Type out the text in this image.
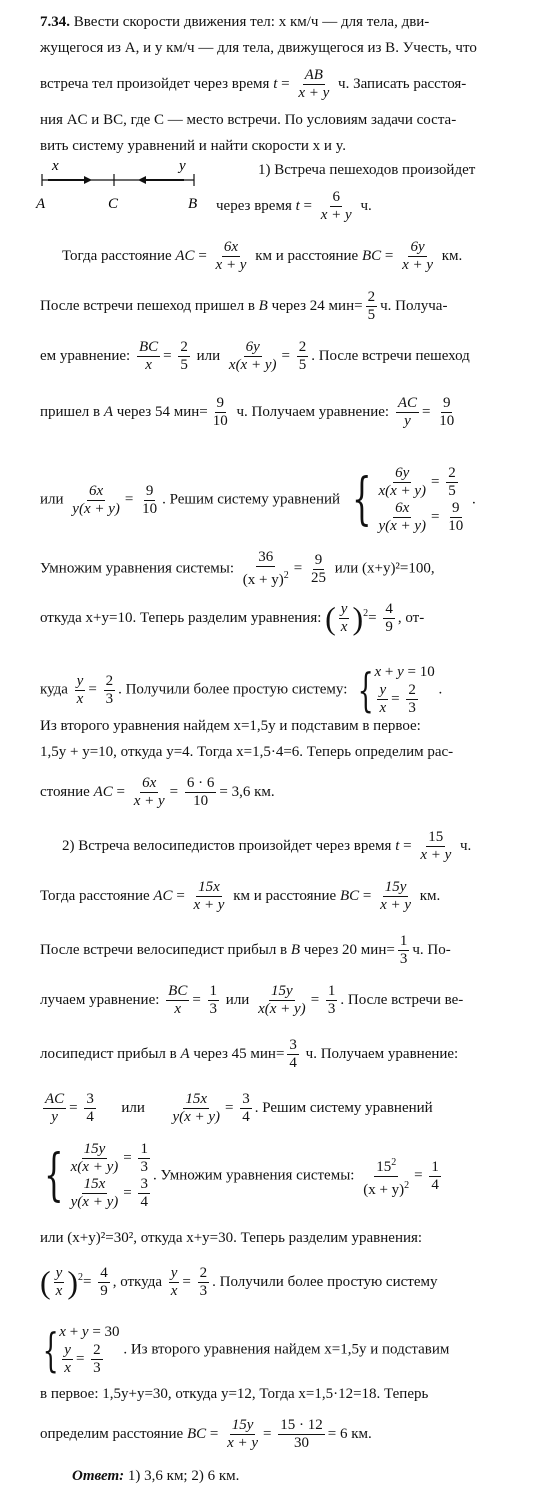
7.34. Ввести скорости движения тел: x км/ч — для тела, дви-
жущегося из A, и y км/ч — для тела, движущегося из B. Учесть, что
встреча тел произойдет через время $t = \frac{AB}{x + y} ч$. Записать расстоя-
ния AC и BC, где C — место встречи. По условиям задачи соста-
вить систему уравнений и найти скорости x и y.
x	y
A	C	B
1) Встреча пешеходов произойдет
через время $t = \frac{6}{x + y} ч$.
Тогда расстояние AC = $\frac{6x}{x + y}$ км и расстояние BC = $\frac{6y}{x + y}$ км.
После встречи пешеход пришел в B через 24 $мин= \frac{2}{5} ч$. Получа-
ем уравнение: $\frac{BC}{x} = \frac{2}{5}$ или $\frac{6y}{x(x + y)} = \frac{2}{5}$ . После встречи пешеход
пришел в A через 54 $мин= \frac{9}{10} ч$. Получаем уравнение: $\frac{AC}{y} = \frac{9}{10}$
или $\frac{6x}{y(x + y)} = \frac{9}{10}$ . Решим систему уравнений { $\frac{6y}{x(x + y)} = \frac{2}{5}$
$\frac{6x}{y(x + y)} = \frac{9}{10}$
.
Умножим уравнения системы: $\frac{36}{(x + y)^2} = \frac{9}{25}$ или (x+y)²=100,
откуда x+y=10. Теперь разделим уравнения: ( $\frac{y}{x} )^2= \frac{4}{9}$ , от-
куда $\frac{y}{x} = \frac{2}{3}$ . Получили более простую систему: { x + y = 10
$\frac{y}{x} = \frac{2}{3}$ .
Из второго уравнения найдем x=1,5y и подставим в первое:
1,5y + y=10, откуда y=4. Тогда x=1,5·4=6. Теперь определим рас-
стояние AC = $\frac{6x}{x + y} = \frac{6 \cdot 6}{10} = 3,6$ км.
2) Встреча велосипедистов произойдет через время $t = \frac{15}{x + y} ч$.
Тогда расстояние AC = $\frac{15x}{x + y}$ км и расстояние BC = $\frac{15y}{x + y}$ км.
После встречи велосипедист прибыл в B через 20 $мин= \frac{1}{3} ч$. По-
лучаем уравнение: $\frac{BC}{x} = \frac{1}{3}$ или $\frac{15y}{x(x + y)} = \frac{1}{3}$ . После встречи ве-
лосипедист прибыл в A через 45 $мин= \frac{3}{4} ч$. Получаем уравнение:
$\frac{AC}{y} = \frac{3}{4}$ или $\frac{15x}{y(x + y)} = \frac{3}{4}$ . Решим систему уравнений
{ $\frac{15y}{x(x + y)} = \frac{1}{3}$
$\frac{15x}{y(x + y)} = \frac{3}{4}$
. Умножим уравнения системы: $\frac{15^2}{(x + y)^2} = \frac{1}{4}$
или (x+y)²=30², откуда x+y=30. Теперь разделим уравнения:
( $\frac{y}{x} )^2= \frac{4}{9}$ , откуда $\frac{y}{x} = \frac{2}{3}$ . Получили более простую систему
{ x + y = 30
$\frac{y}{x} = \frac{2}{3}$ . Из второго уравнения найдем x=1,5y и подставим
в первое: 1,5y+y=30, откуда y=12, Тогда x=1,5·12=18. Теперь
определим расстояние BC = $\frac{15y}{x + y} = \frac{15 \cdot 12}{30} = 6$ км.
Ответ: 1) 3,6 км; 2) 6 км.
